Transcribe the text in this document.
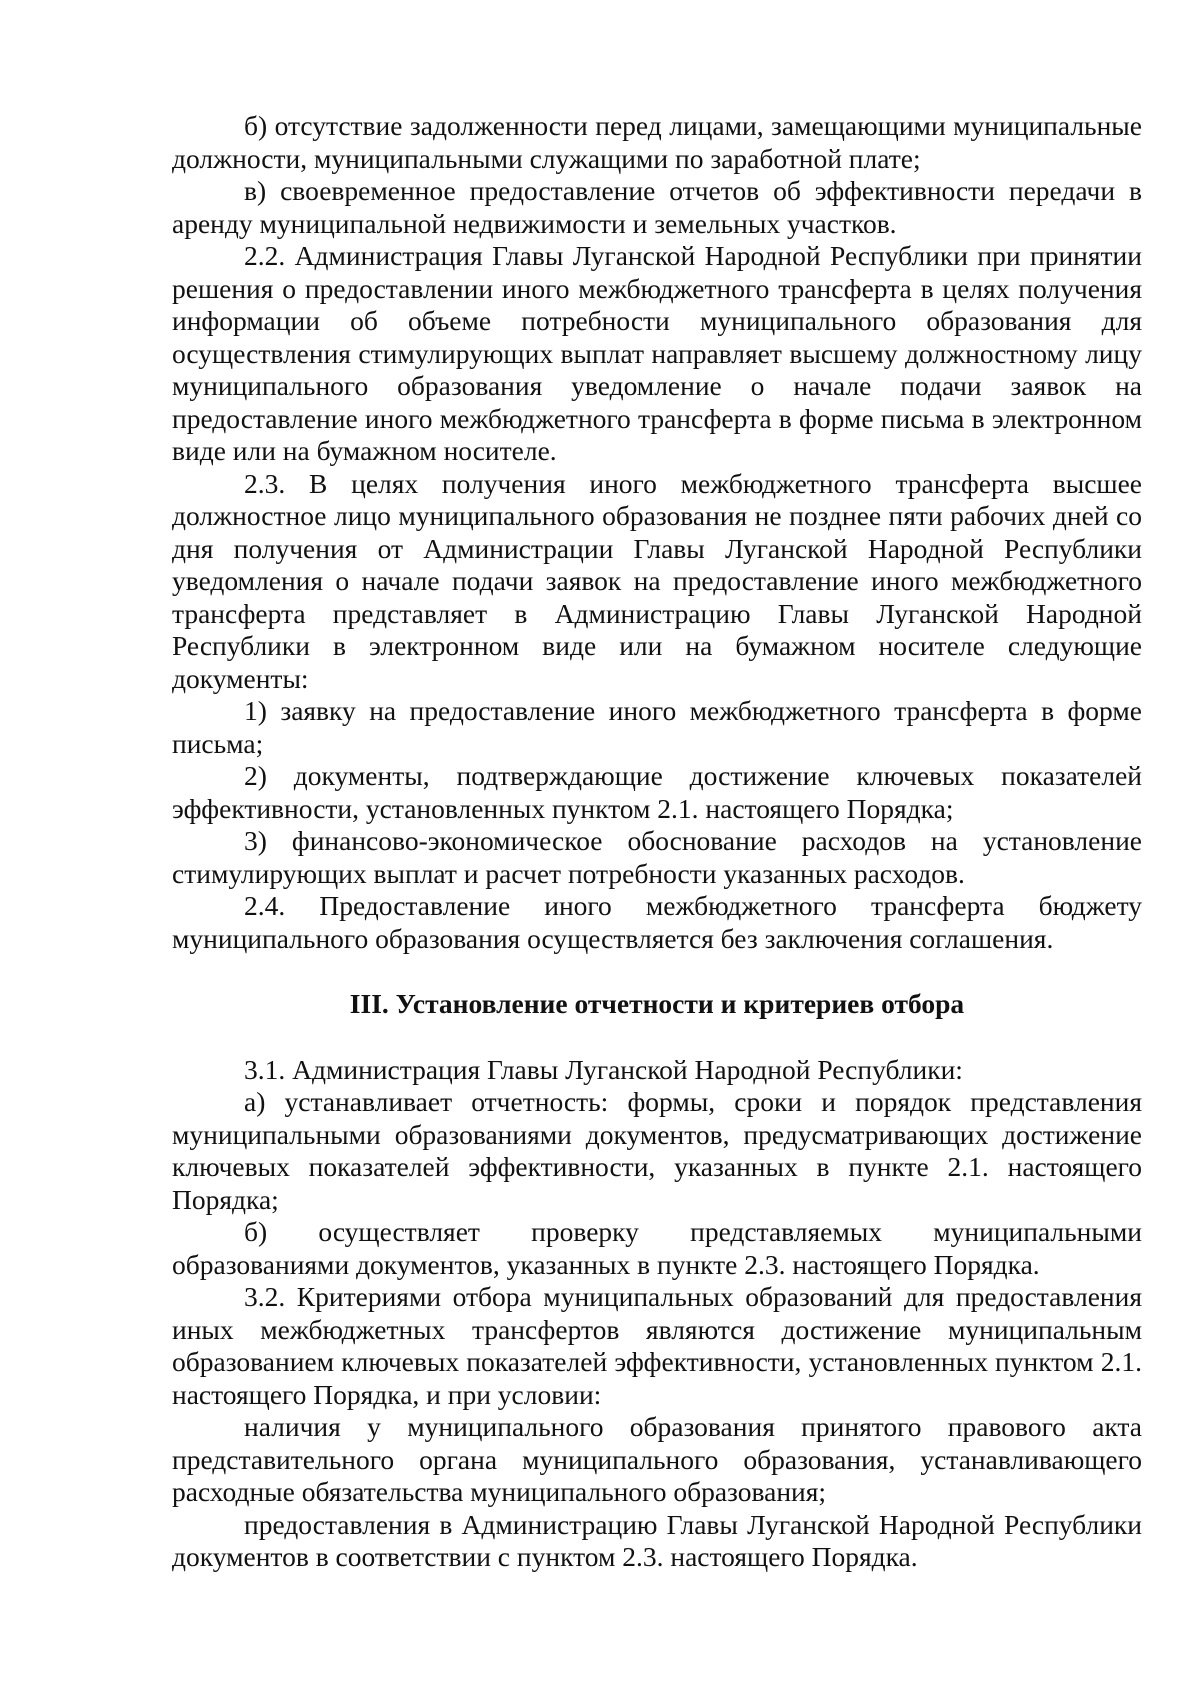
б) отсутствие задолженности перед лицами, замещающими муниципальные должности, муниципальными служащими по заработной плате;

в) своевременное предоставление отчетов об эффективности передачи в аренду муниципальной недвижимости и земельных участков.

2.2. Администрация Главы Луганской Народной Республики при принятии решения о предоставлении иного межбюджетного трансферта в целях получения информации об объеме потребности муниципального образования для осуществления стимулирующих выплат направляет высшему должностному лицу муниципального образования уведомление о начале подачи заявок на предоставление иного межбюджетного трансферта в форме письма в электронном виде или на бумажном носителе.

2.3. В целях получения иного межбюджетного трансферта высшее должностное лицо муниципального образования не позднее пяти рабочих дней со дня получения от Администрации Главы Луганской Народной Республики уведомления о начале подачи заявок на предоставление иного межбюджетного трансферта представляет в Администрацию Главы Луганской Народной Республики в электронном виде или на бумажном носителе следующие документы:

1) заявку на предоставление иного межбюджетного трансферта в форме письма;

2) документы, подтверждающие достижение ключевых показателей эффективности, установленных пунктом 2.1. настоящего Порядка;

3) финансово-экономическое обоснование расходов на установление стимулирующих выплат и расчет потребности указанных расходов.

2.4. Предоставление иного межбюджетного трансферта бюджету муниципального образования осуществляется без заключения соглашения.

III. Установление отчетности и критериев отбора

3.1. Администрация Главы Луганской Народной Республики:

а) устанавливает отчетность: формы, сроки и порядок представления муниципальными образованиями документов, предусматривающих достижение ключевых показателей эффективности, указанных в пункте 2.1. настоящего Порядка;

б) осуществляет проверку представляемых муниципальными образованиями документов, указанных в пункте 2.3. настоящего Порядка.

3.2. Критериями отбора муниципальных образований для предоставления иных межбюджетных трансфертов являются достижение муниципальным образованием ключевых показателей эффективности, установленных пунктом 2.1. настоящего Порядка, и при условии:

наличия у муниципального образования принятого правового акта представительного органа муниципального образования, устанавливающего расходные обязательства муниципального образования;

предоставления в Администрацию Главы Луганской Народной Республики документов в соответствии с пунктом 2.3. настоящего Порядка.
